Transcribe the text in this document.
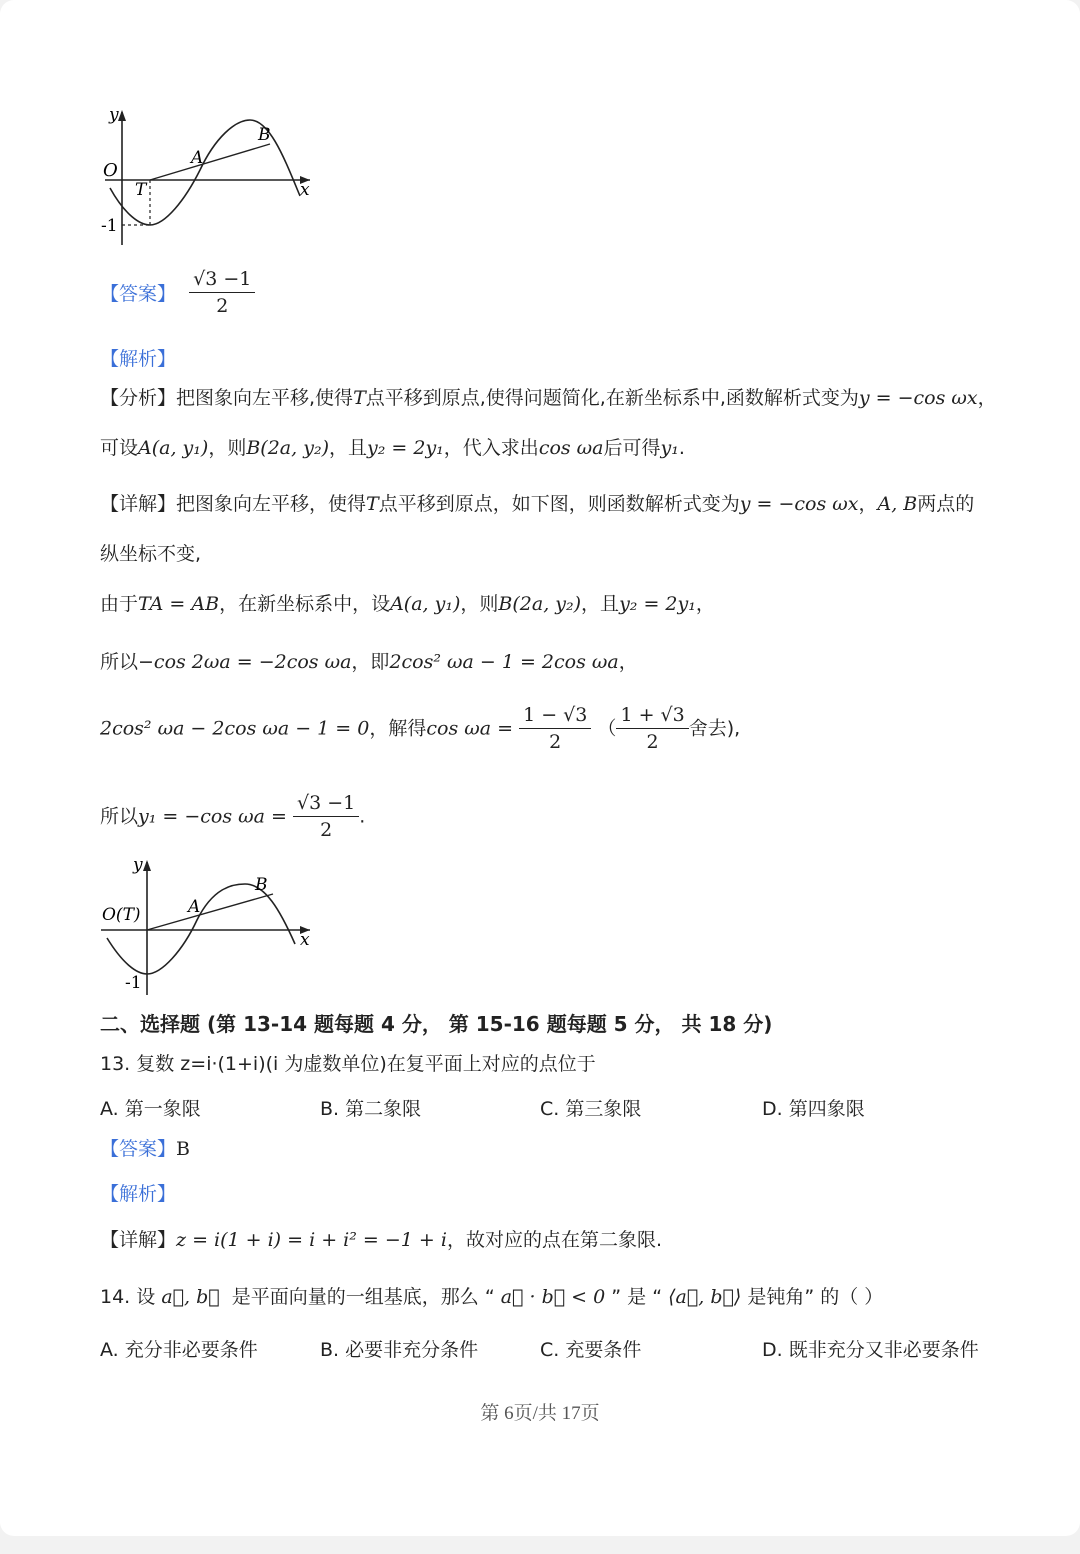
y
O
T
A
B
x
-1
【答案】 $\frac{√3 -1}{2}$
【解析】
【分析】把图象向左平移,使得T点平移到原点,使得问题简化,在新坐标系中,函数解析式变为y = −cos ωx，
可设A(a, y₁)，则B(2a, y₂)，且y₂ = 2y₁，代入求出cos ωa后可得y₁.
【详解】把图象向左平移，使得T点平移到原点，如下图，则函数解析式变为y = −cos ωx，A, B两点的
纵坐标不变,
由于TA = AB，在新坐标系中，设A(a, y₁)，则B(2a, y₂)，且y₂ = 2y₁，
所以−cos 2ωa = −2cos ωa，即2cos² ωa − 1 = 2cos ωa，
2cos² ωa − 2cos ωa − 1 = 0，解得$\cos \omega a = \frac{1 - √3}{2}$ （ $\frac{1 + √3}{2}$ 舍去),
所以y₁ = −cos $\omega a = \frac{√3 -1}{2}$ .
y
O(T)	A
B
x
-1
二、选择题 (第 13-14 题每题 4 分， 第 15-16 题每题 5 分， 共 18 分)
13. 复数 z=i·(1+i)(i 为虚数单位)在复平面上对应的点位于
A. 第一象限	B. 第二象限	C. 第三象限	D. 第四象限
【答案】B
【解析】
【详解】z = i(1 + i) = i + i² = −1 + i，故对应的点在第二象限.
14. 设 a⃗, b⃗ 是平面向量的一组基底，那么 “ a⃗ · b⃗ < 0 ” 是 “ ⟨a⃗, b⃗⟩ 是钝角” 的（ ）
A. 充分非必要条件	B. 必要非充分条件	C. 充要条件	D. 既非充分又非必要条件
第 6页/共 17页
